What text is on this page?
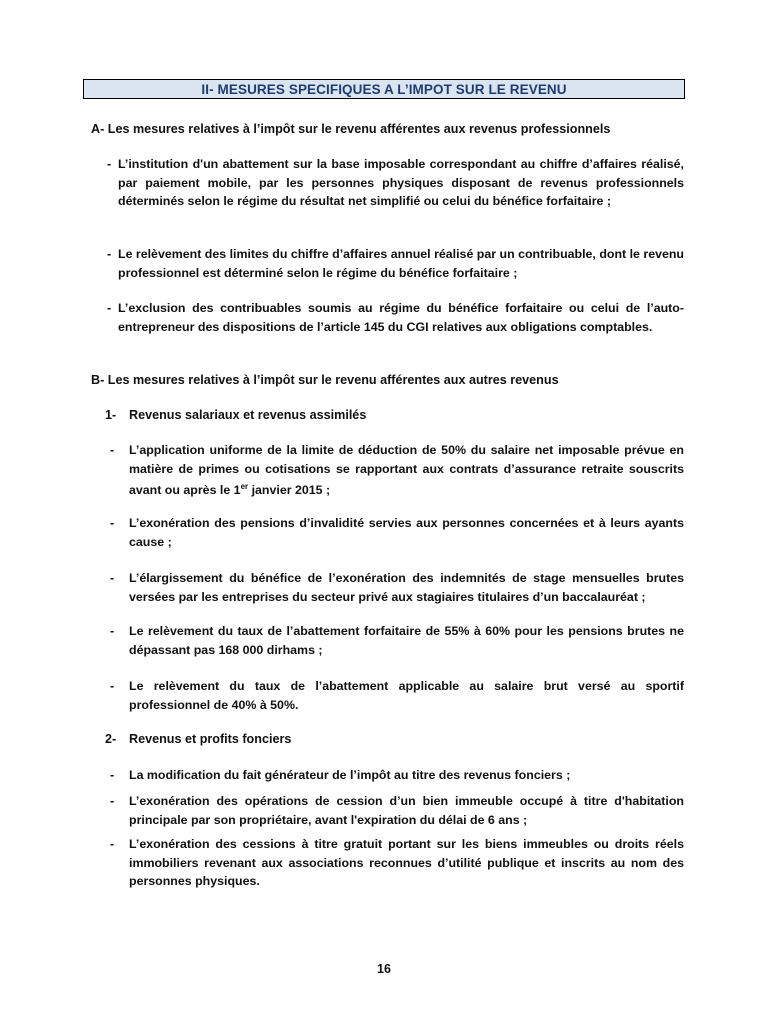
II- MESURES SPECIFIQUES A L’IMPOT SUR LE REVENU
A- Les mesures relatives à l’impôt sur le revenu afférentes aux revenus professionnels
- L’institution d'un abattement sur la base imposable correspondant au chiffre d’affaires réalisé, par paiement mobile, par les personnes physiques disposant de revenus professionnels déterminés selon le régime du résultat net simplifié ou celui du bénéfice forfaitaire ;
- Le relèvement des limites du chiffre d’affaires annuel réalisé par un contribuable, dont le revenu professionnel est déterminé selon le régime du bénéfice forfaitaire ;
- L’exclusion des contribuables soumis au régime du bénéfice forfaitaire ou celui de l’auto-entrepreneur des dispositions de l’article 145 du CGI relatives aux obligations comptables.
B- Les mesures relatives à l’impôt sur le revenu afférentes aux autres revenus
1- Revenus salariaux et revenus assimilés
- L’application uniforme de la limite de déduction de 50% du salaire net imposable prévue en matière de primes ou cotisations se rapportant aux contrats d’assurance retraite souscrits avant ou après le 1er janvier 2015 ;
- L’exonération des pensions d’invalidité servies aux personnes concernées et à leurs ayants cause ;
- L’élargissement du bénéfice de l’exonération des indemnités de stage mensuelles brutes versées par les entreprises du secteur privé aux stagiaires titulaires d’un baccalauréat ;
- Le relèvement du taux de l’abattement forfaitaire de 55% à 60% pour les pensions brutes ne dépassant pas 168 000 dirhams ;
- Le relèvement du taux de l’abattement applicable au salaire brut versé au sportif professionnel de 40% à 50%.
2- Revenus et profits fonciers
- La modification du fait générateur de l’impôt au titre des revenus fonciers ;
- L’exonération des opérations de cession d’un bien immeuble occupé à titre d'habitation principale par son propriétaire, avant l'expiration du délai de 6 ans ;
- L’exonération des cessions à titre gratuit portant sur les biens immeubles ou droits réels immobiliers revenant aux associations reconnues d’utilité publique et inscrits au nom des personnes physiques.
16
